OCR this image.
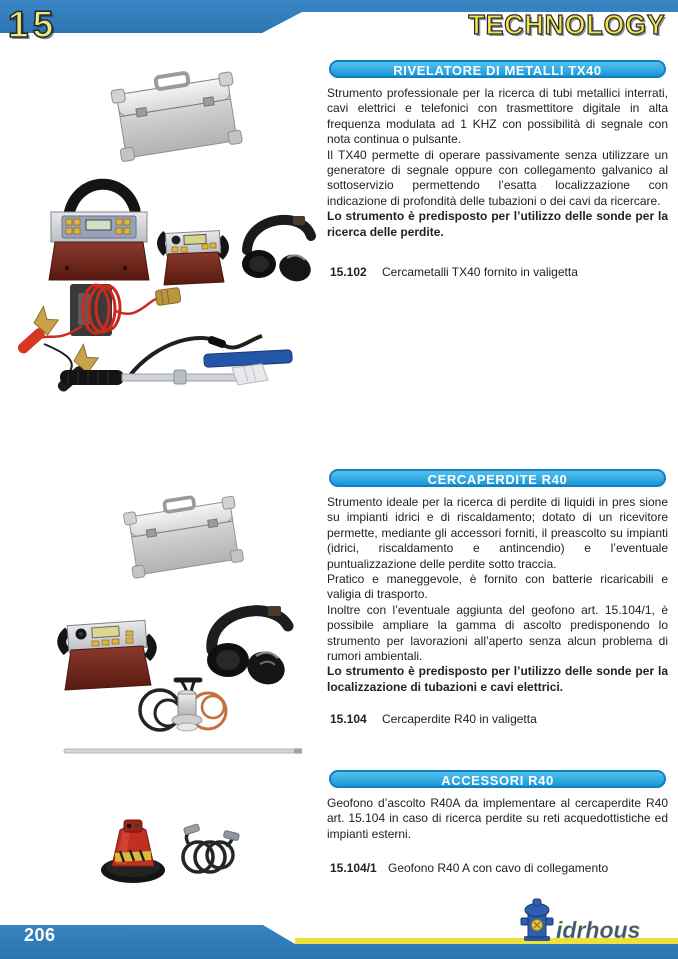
15	TECHNOLOGY
RIVELATORE DI METALLI TX40

Strumento professionale per la ricerca di tubi metallici interrati, cavi elettrici e telefonici con trasmettitore digitale in alta frequenza modulata ad 1 KHZ con possibilità di segnale con nota continua o pulsante.

Il TX40 permette di operare passivamente senza utilizzare un generatore di segnale oppure con collegamento galvanico al sottoservizio permettendo l’esatta localizzazione con indicazione di profondità delle tubazioni o dei cavi da ricercare.

Lo strumento è predisposto per l’utilizzo delle sonde per la ricerca delle perdite.

15.102	Cercametalli TX40 fornito in valigetta
CERCAPERDITE R40

Strumento ideale per la ricerca di perdite di liquidi in pres sione su impianti idrici e di riscaldamento; dotato di un ricevitore permette, mediante gli accessori forniti, il preascolto su impianti (idrici, riscaldamento e antincendio) e l’eventuale puntualizzazione delle perdite sotto traccia.

Pratico e maneggevole, è fornito con batterie ricaricabili e valigia di trasporto.

Inoltre con l’eventuale aggiunta del geofono art. 15.104/1, è possibile ampliare la gamma di ascolto predisponendo lo strumento per lavorazioni all’aperto senza alcun problema di rumori ambientali.

Lo strumento è predisposto per l’utilizzo delle sonde per la localizzazione di tubazioni e cavi elettrici.

15.104	Cercaperdite R40 in valigetta
ACCESSORI R40

Geofono d’ascolto R40A da implementare al cercaperdite R40 art. 15.104 in caso di ricerca perdite su reti acquedottistiche ed impianti esterni.

15.104/1 Geofono R40 A con cavo di collegamento
206	idrhous
